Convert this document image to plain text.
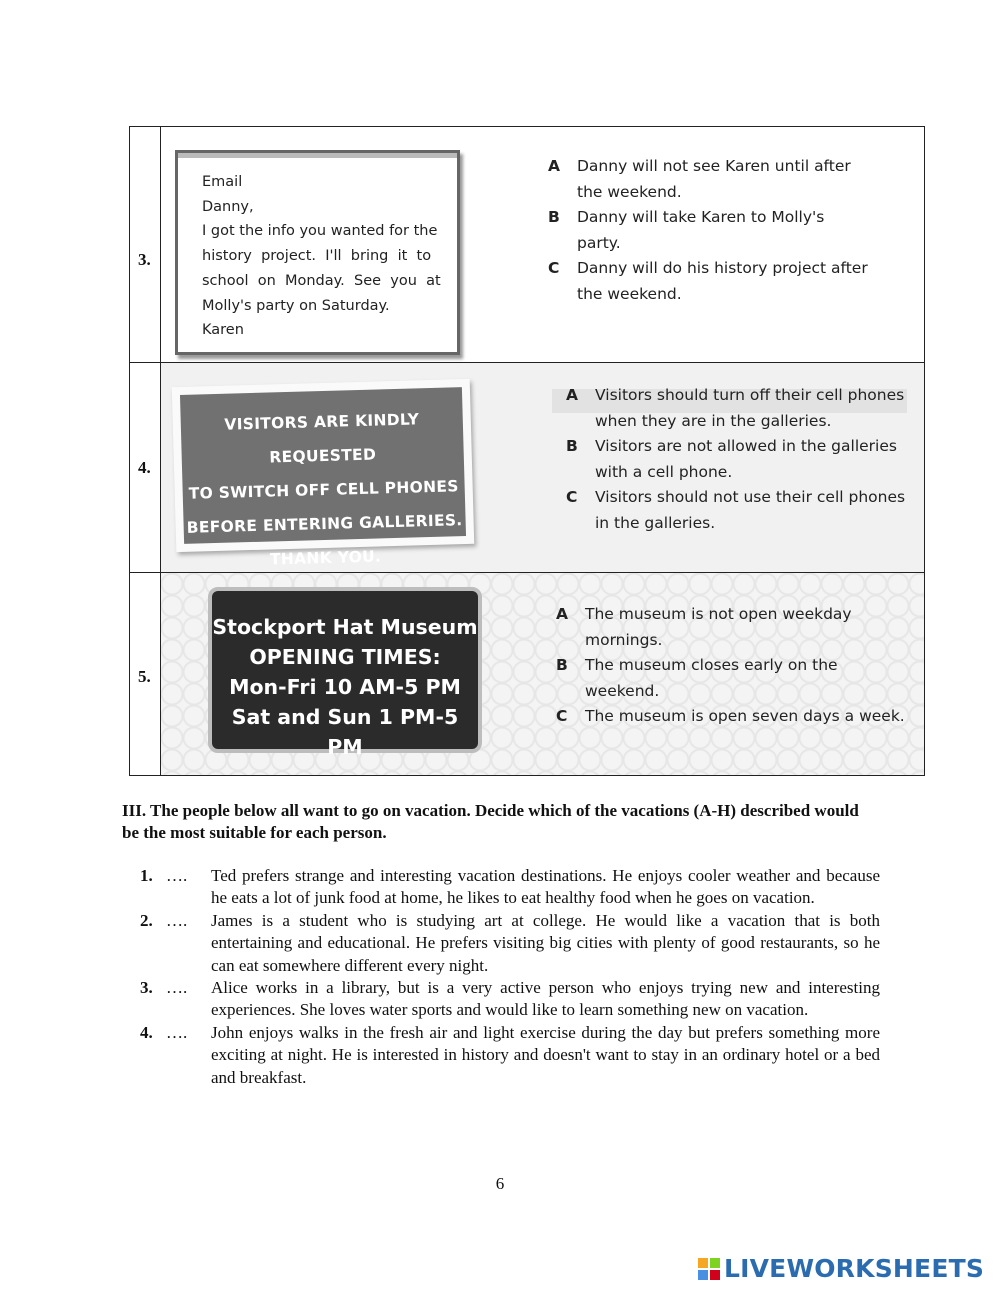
3.
Email
Danny,
I got the info you wanted for the
history  project.  I'll  bring  it  to
school  on  Monday.  See  you  at
Molly's party on Saturday.
Karen
A Danny will not see Karen until after the weekend.
B Danny will take Karen to Molly's party.
C Danny will do his history project after the weekend.
VISITORS ARE KINDLY REQUESTED
TO SWITCH OFF CELL PHONES
BEFORE ENTERING GALLERIES.
THANK YOU.
4.
A Visitors should turn off their cell phones when they are in the galleries.
B Visitors are not allowed in the galleries with a cell phone.
C Visitors should not use their cell phones in the galleries.
Stockport Hat Museum
OPENING TIMES:
Mon-Fri 10 AM-5 PM
Sat and Sun 1 PM-5 PM
5.
A The museum is not open weekday mornings.
B The museum closes early on the weekend.
C The museum is open seven days a week.
III. The people below all want to go on vacation. Decide which of the vacations (A-H) described would be the most suitable for each person.
1. …. Ted prefers strange and interesting vacation destinations. He enjoys cooler weather and because he eats a lot of junk food at home, he likes to eat healthy food when he goes on vacation.
2. …. James is a student who is studying art at college. He would like a vacation that is both entertaining and educational. He prefers visiting big cities with plenty of good restaurants, so he can eat somewhere different every night.
3. …. Alice works in a library, but is a very active person who enjoys trying new and interesting experiences. She loves water sports and would like to learn something new on vacation.
4. …. John enjoys walks in the fresh air and light exercise during the day but prefers something more exciting at night. He is interested in history and doesn't want to stay in an ordinary hotel or a bed and breakfast.
6
LIVEWORKSHEETS
